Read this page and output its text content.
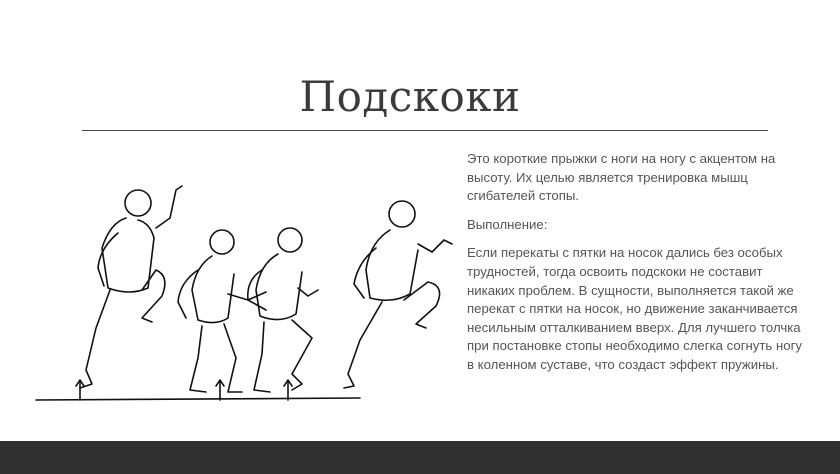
Подскоки

Это короткие прыжки с ноги на ногу с акцентом на высоту. Их целью является тренировка мышц сгибателей стопы.

Выполнение:

Если перекаты с пятки на носок дались без особых трудностей, тогда освоить подскоки не составит никаких проблем. В сущности, выполняется такой же перекат с пятки на носок, но движение заканчивается несильным отталкиванием вверх. Для лучшего толчка при постановке стопы необходимо слегка согнуть ногу в коленном суставе, что создаст эффект пружины.
